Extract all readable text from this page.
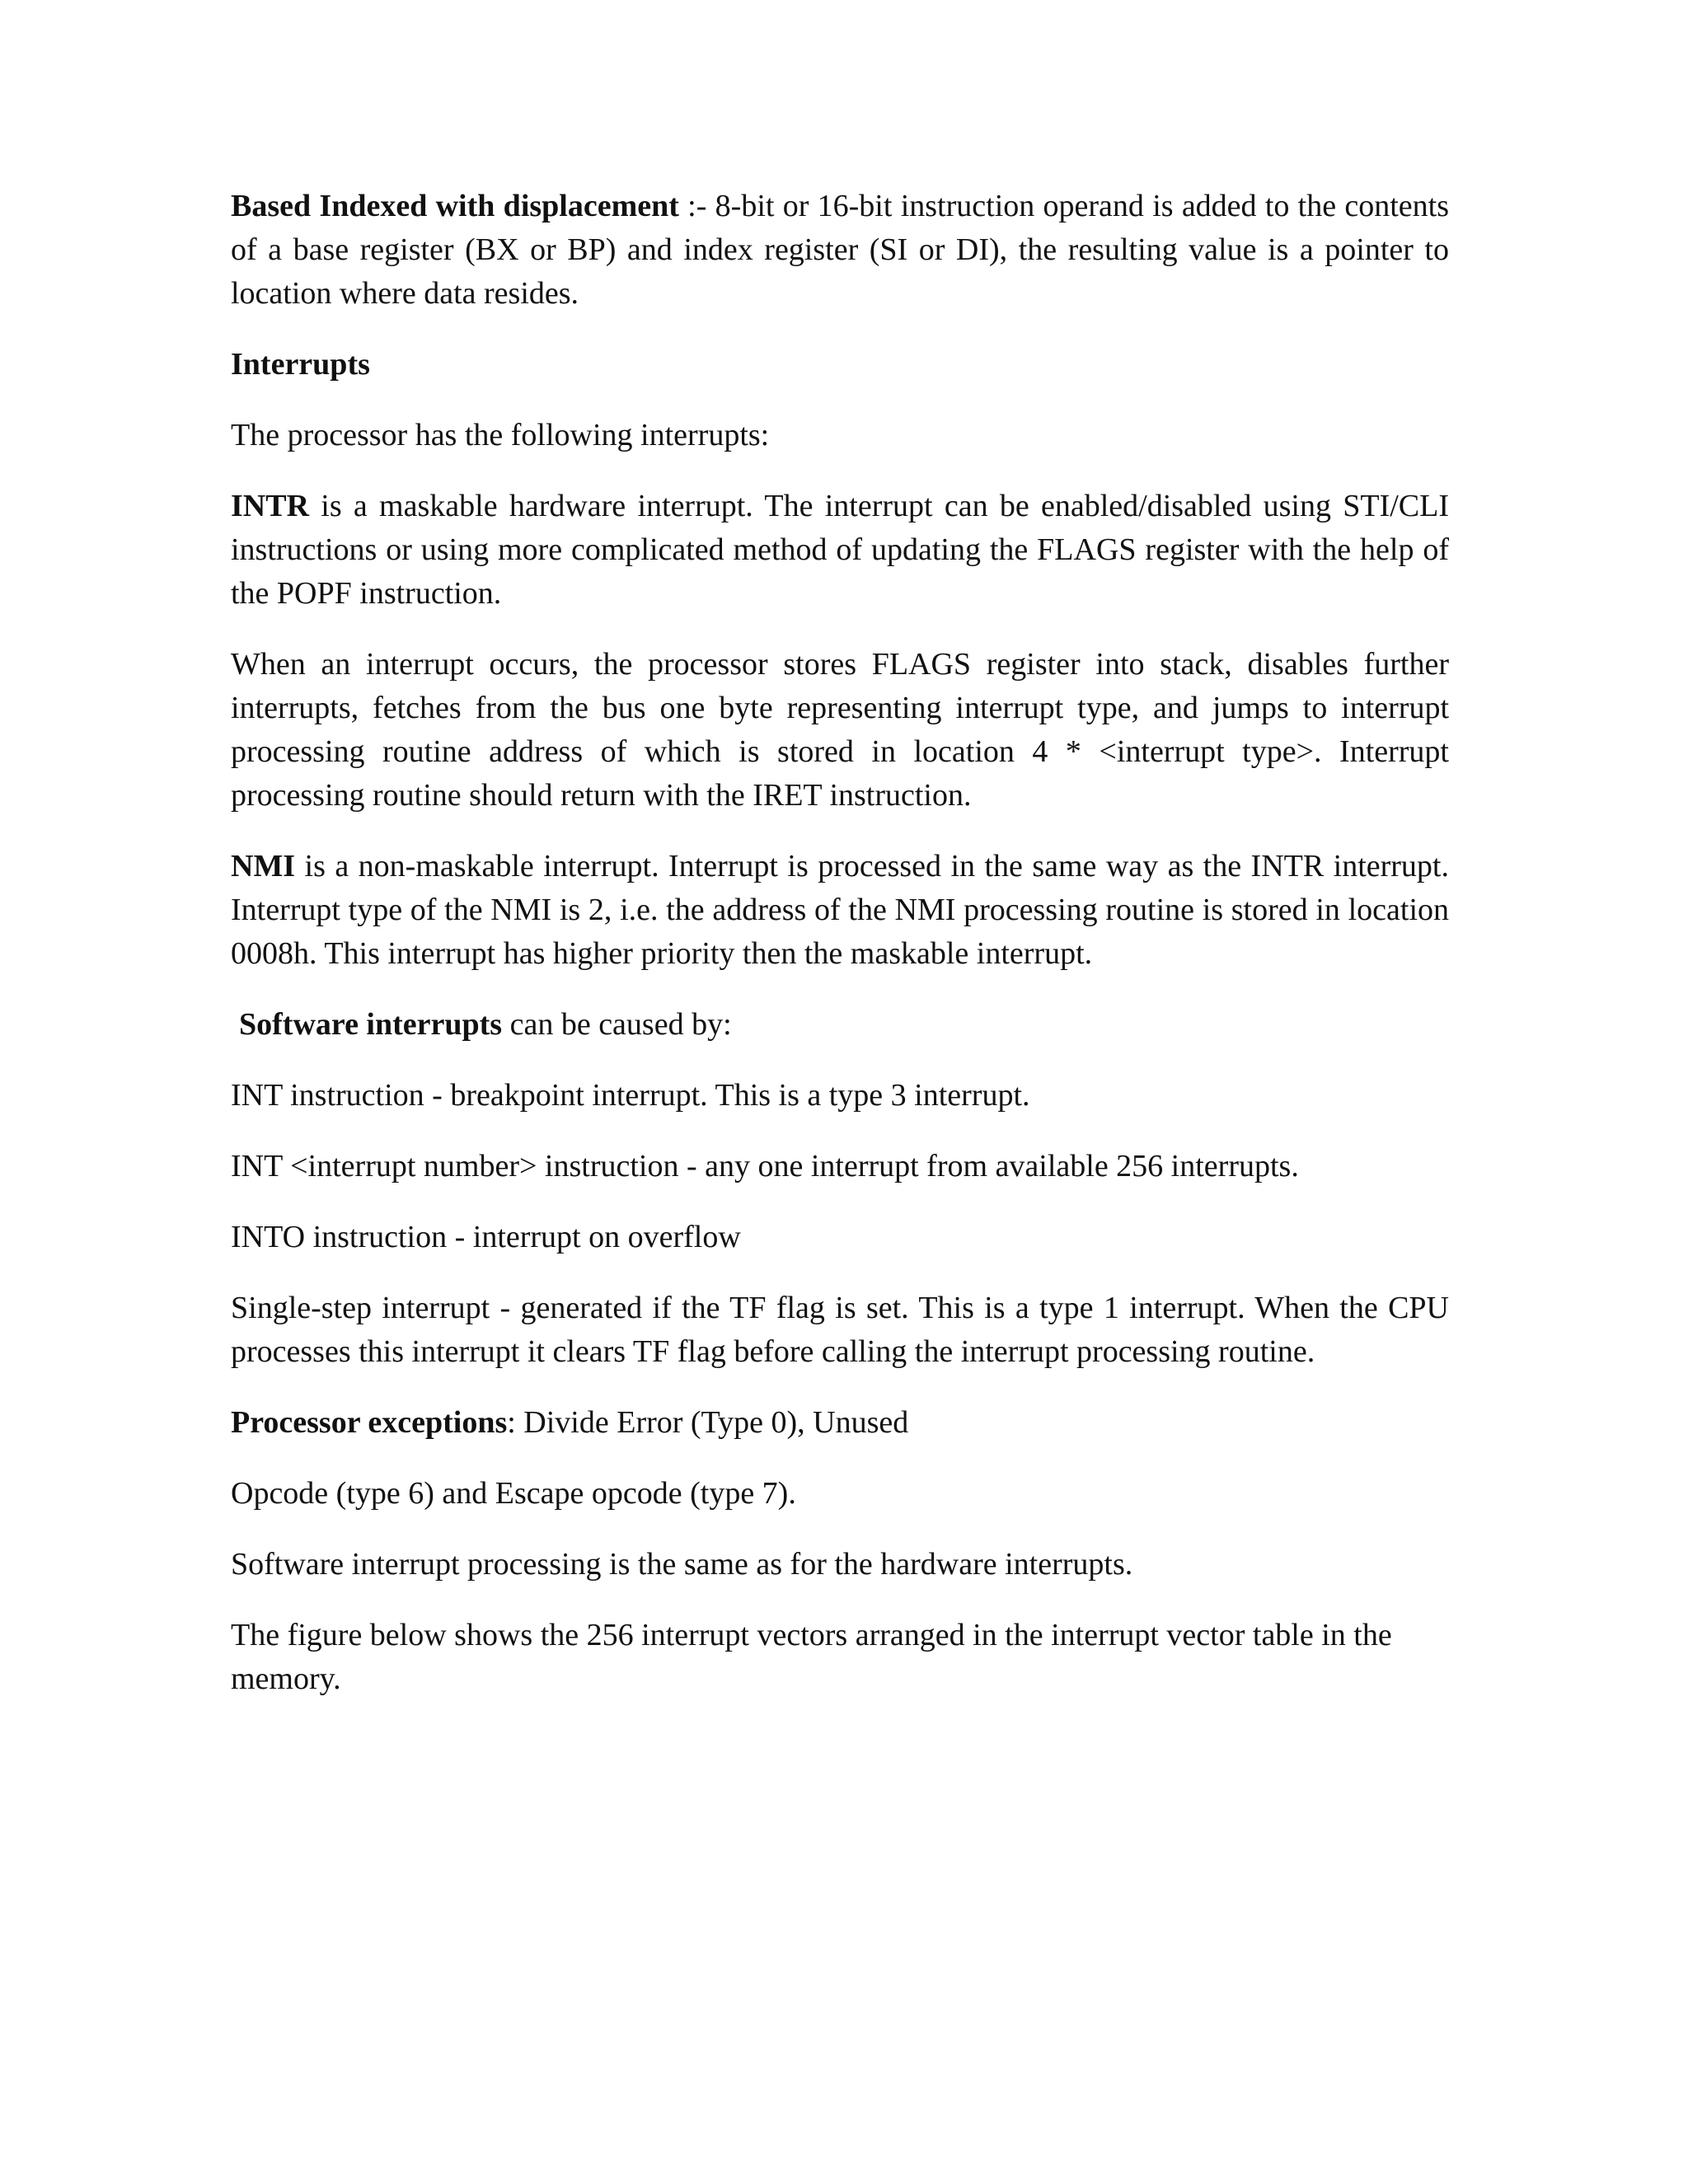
Based Indexed with displacement :- 8-bit or 16-bit instruction operand is added to the contents of a base register (BX or BP) and index register (SI or DI), the resulting value is a pointer to location where data resides.

Interrupts

The processor has the following interrupts:

INTR is a maskable hardware interrupt. The interrupt can be enabled/disabled using STI/CLI instructions or using more complicated method of updating the FLAGS register with the help of the POPF instruction.

When an interrupt occurs, the processor stores FLAGS register into stack, disables further interrupts, fetches from the bus one byte representing interrupt type, and jumps to interrupt processing routine address of which is stored in location 4 * <interrupt type>. Interrupt processing routine should return with the IRET instruction.

NMI is a non-maskable interrupt. Interrupt is processed in the same way as the INTR interrupt. Interrupt type of the NMI is 2, i.e. the address of the NMI processing routine is stored in location 0008h. This interrupt has higher priority then the maskable interrupt.

Software interrupts can be caused by:

INT instruction - breakpoint interrupt. This is a type 3 interrupt.

INT <interrupt number> instruction - any one interrupt from available 256 interrupts.

INTO instruction - interrupt on overflow

Single-step interrupt - generated if the TF flag is set. This is a type 1 interrupt. When the CPU processes this interrupt it clears TF flag before calling the interrupt processing routine.

Processor exceptions: Divide Error (Type 0), Unused

Opcode (type 6) and Escape opcode (type 7).

Software interrupt processing is the same as for the hardware interrupts.

The figure below shows the 256 interrupt vectors arranged in the interrupt vector table in the memory.
